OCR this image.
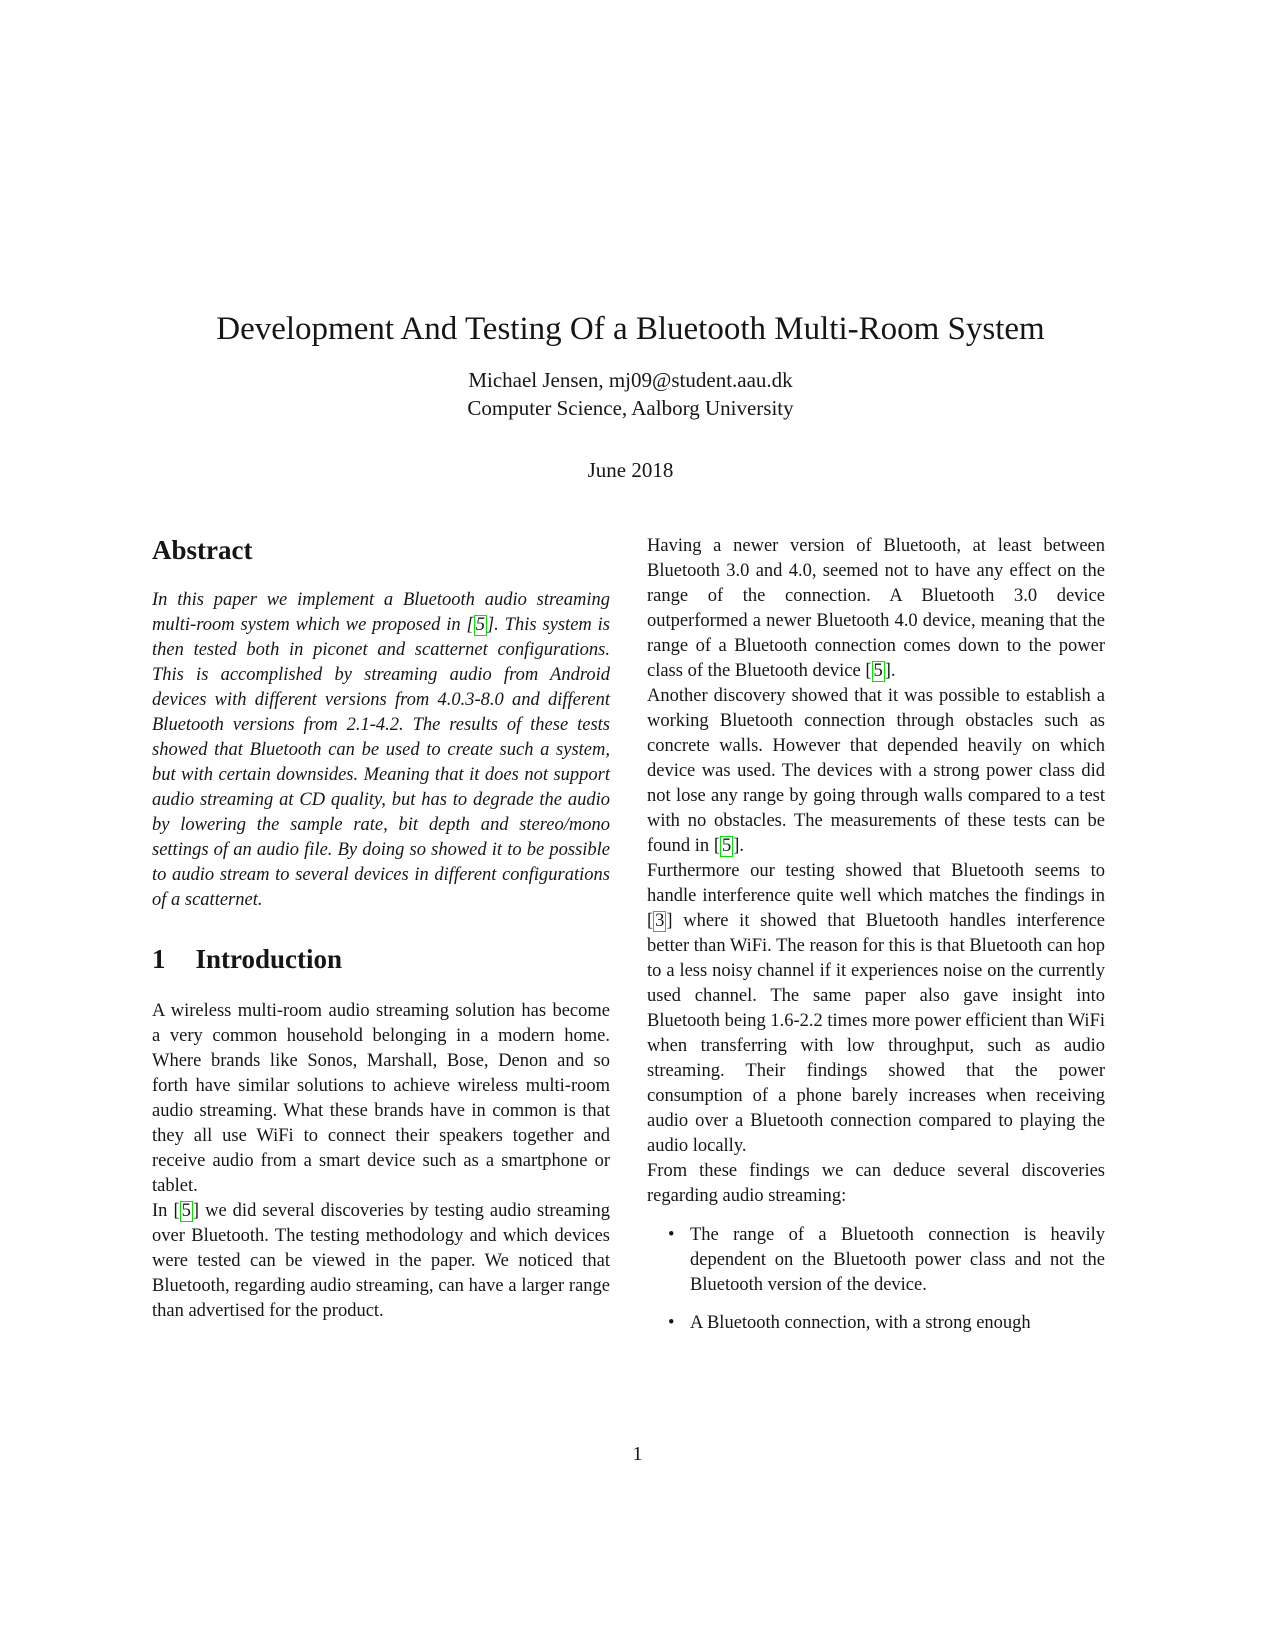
Development And Testing Of a Bluetooth Multi-Room System
Michael Jensen, mj09@student.aau.dk
Computer Science, Aalborg University
June 2018
Abstract

In this paper we implement a Bluetooth audio streaming multi-room system which we proposed in [ 5 ]. This system is then tested both in piconet and scatternet configurations. This is accomplished by streaming audio from Android devices with different versions from 4.0.3-8.0 and different Bluetooth versions from 2.1-4.2. The results of these tests showed that Bluetooth can be used to create such a system, but with certain downsides. Meaning that it does not support audio streaming at CD quality, but has to degrade the audio by lowering the sample rate, bit depth and stereo/mono settings of an audio file. By doing so showed it to be possible to audio stream to several devices in different configurations of a scatternet.

1 Introduction

A wireless multi-room audio streaming solution has become a very common household belonging in a modern home. Where brands like Sonos, Marshall, Bose, Denon and so forth have similar solutions to achieve wireless multi-room audio streaming. What these brands have in common is that they all use WiFi to connect their speakers together and receive audio from a smart device such as a smartphone or tablet.

In [ 5 ] we did several discoveries by testing audio streaming over Bluetooth. The testing methodology and which devices were tested can be viewed in the paper. We noticed that Bluetooth, regarding audio streaming, can have a larger range than advertised for the product.

Having a newer version of Bluetooth, at least between Bluetooth 3.0 and 4.0, seemed not to have any effect on the range of the connection. A Bluetooth 3.0 device outperformed a newer Bluetooth 4.0 device, meaning that the range of a Bluetooth connection comes down to the power class of the Bluetooth device [ 5 ].

Another discovery showed that it was possible to establish a working Bluetooth connection through obstacles such as concrete walls. However that depended heavily on which device was used. The devices with a strong power class did not lose any range by going through walls compared to a test with no obstacles. The measurements of these tests can be found in [ 5 ].

Furthermore our testing showed that Bluetooth seems to handle interference quite well which matches the findings in [ 3 ] where it showed that Bluetooth handles interference better than WiFi. The reason for this is that Bluetooth can hop to a less noisy channel if it experiences noise on the currently used channel. The same paper also gave insight into Bluetooth being 1.6-2.2 times more power efficient than WiFi when transferring with low throughput, such as audio streaming. Their findings showed that the power consumption of a phone barely increases when receiving audio over a Bluetooth connection compared to playing the audio locally.

From these findings we can deduce several discoveries regarding audio streaming:

• The range of a Bluetooth connection is heavily dependent on the Bluetooth power class and not the Bluetooth version of the device.
• A Bluetooth connection, with a strong enough
1
